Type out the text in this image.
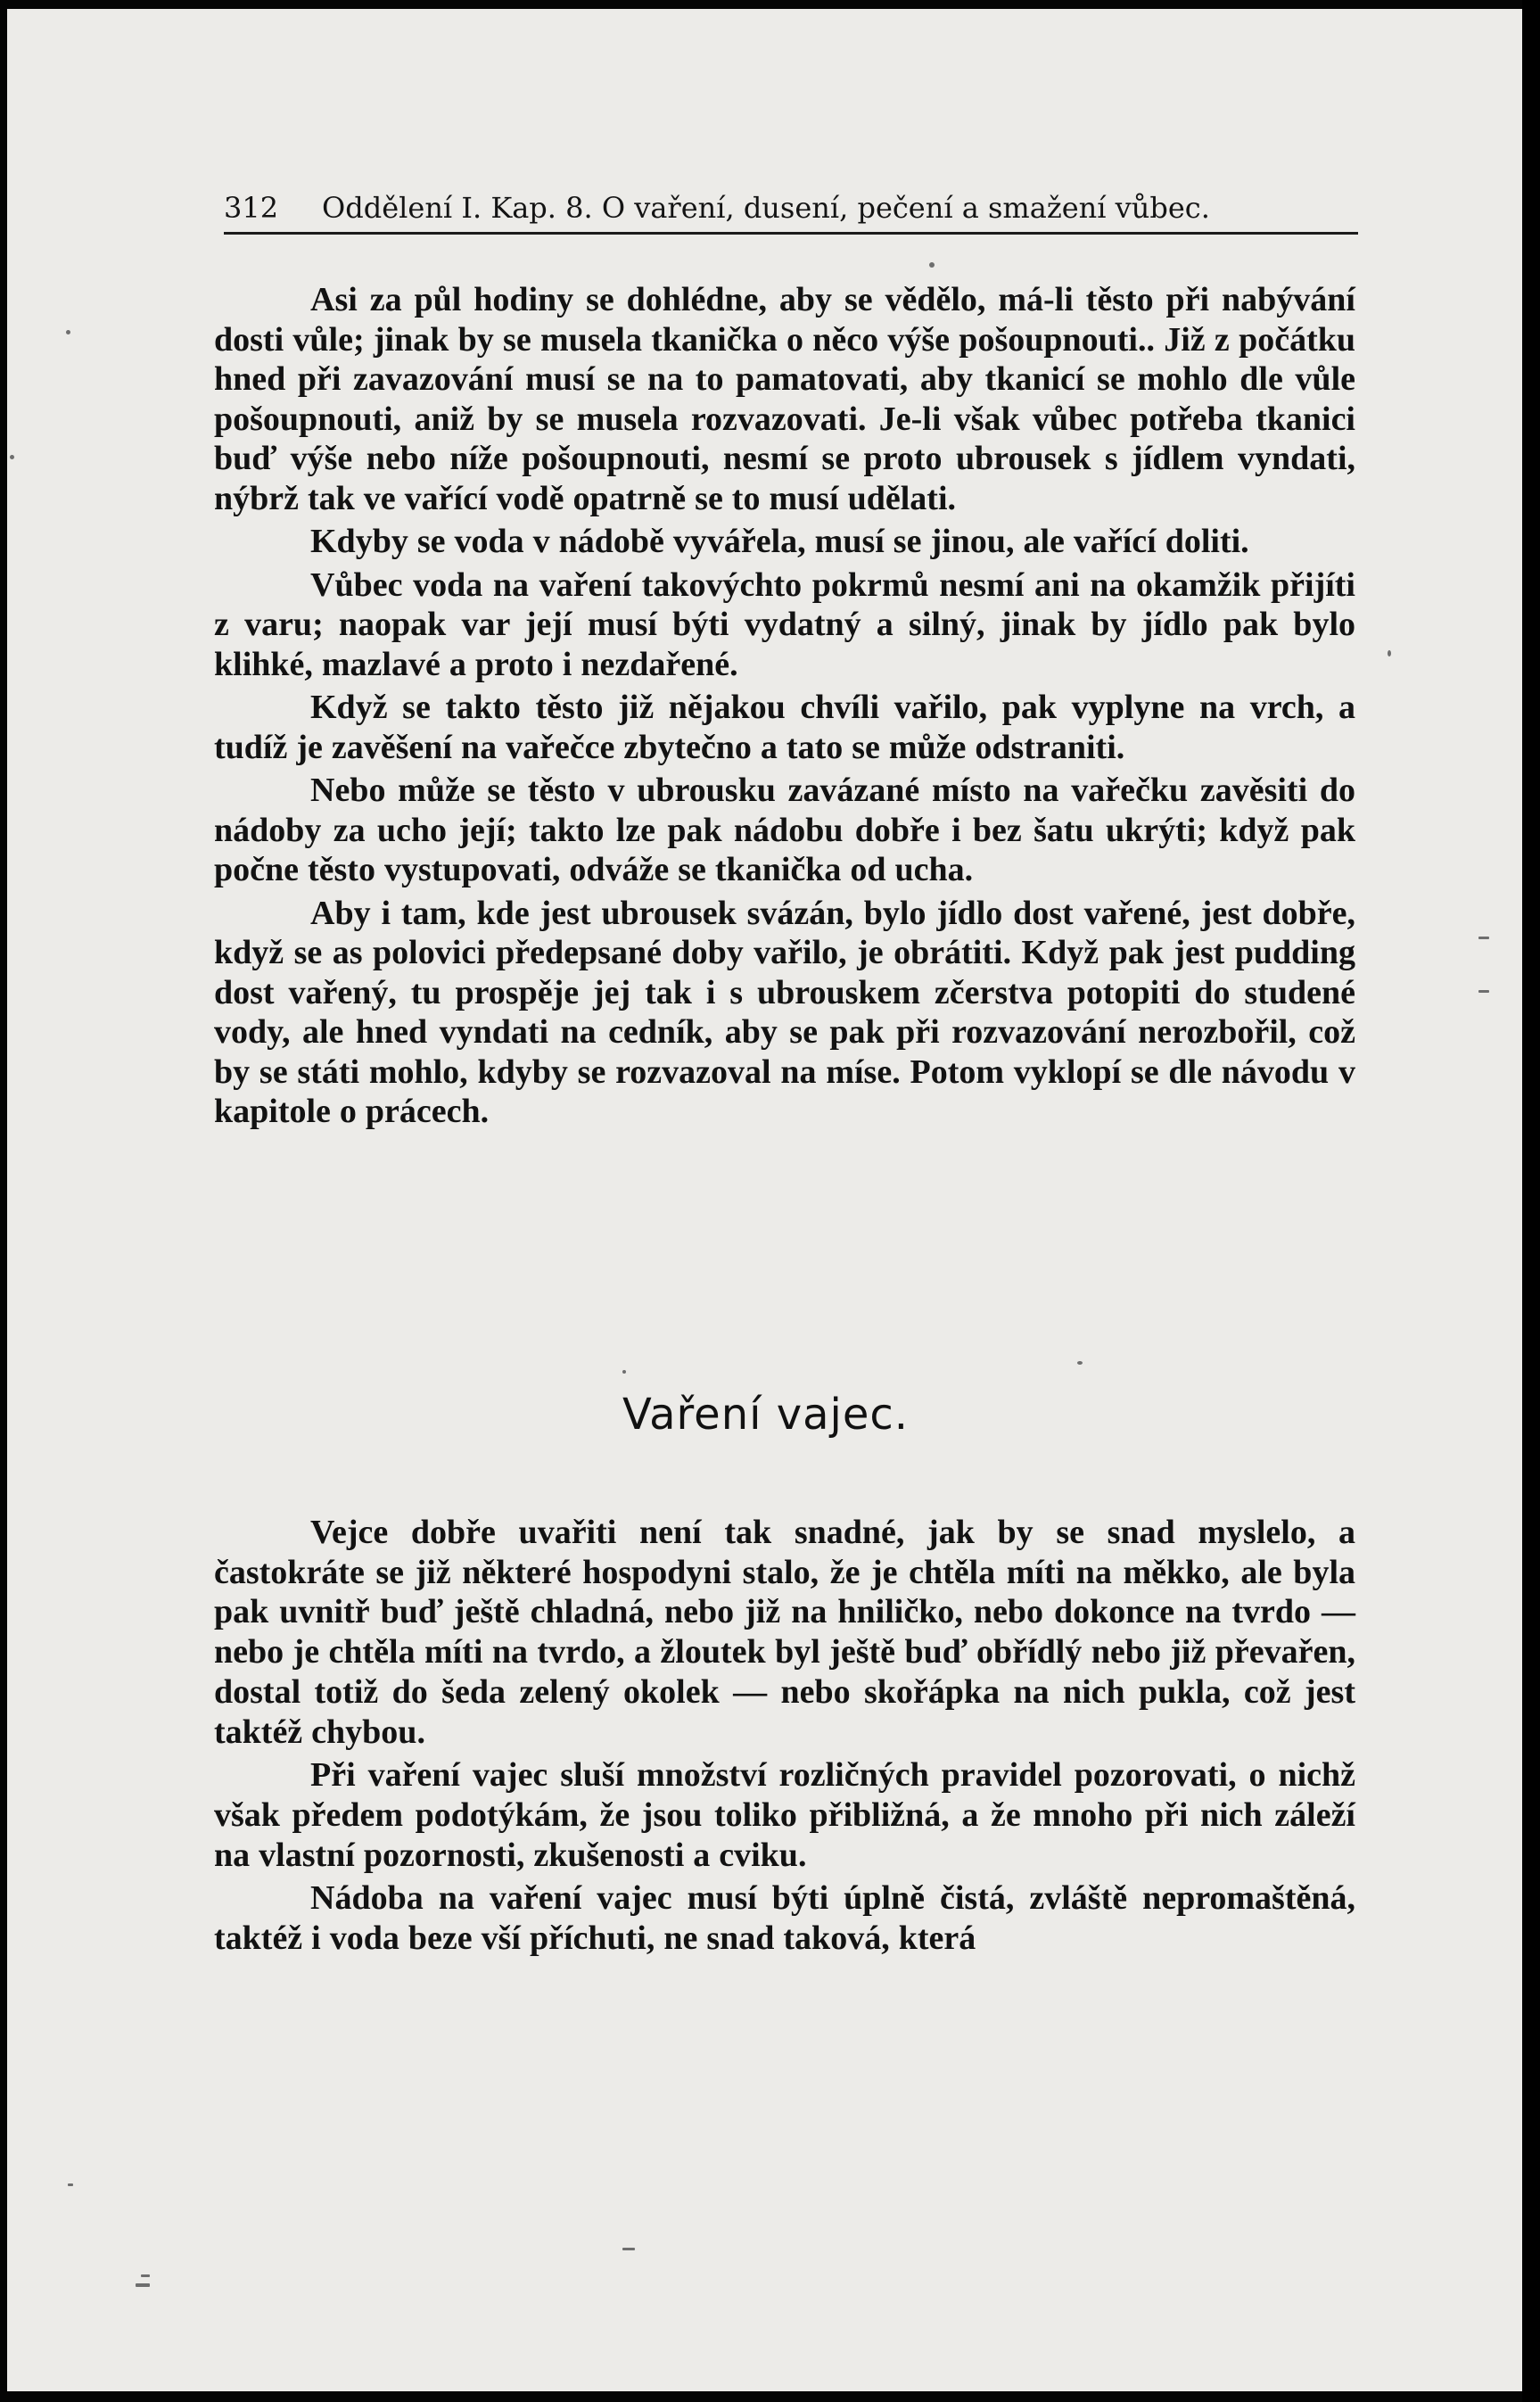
312 Oddělení I. Kap. 8. O vaření, dusení, pečení a smažení vůbec.

Asi za půl hodiny se dohlédne, aby se vědělo, má-li těsto při nabývání dosti vůle; jinak by se musela tkanička o něco výše pošoupnouti.. Již z počátku hned při zavazování musí se na to pamatovati, aby tkanicí se mohlo dle vůle pošoupnouti, aniž by se musela rozvazovati. Je-li však vůbec potřeba tkanici buď výše nebo níže pošoupnouti, nesmí se proto ubrousek s jídlem vyndati, nýbrž tak ve vařící vodě opatrně se to musí udělati.

Kdyby se voda v nádobě vyvářela, musí se jinou, ale vařící doliti.

Vůbec voda na vaření takovýchto pokrmů nesmí ani na okamžik přijíti z varu; naopak var její musí býti vydatný a silný, jinak by jídlo pak bylo klihké, mazlavé a proto i nezdařené.

Když se takto těsto již nějakou chvíli vařilo, pak vyplyne na vrch, a tudíž je zavěšení na vařečce zbytečno a tato se může odstraniti.

Nebo může se těsto v ubrousku zavázané místo na vařečku zavěsiti do nádoby za ucho její; takto lze pak nádobu dobře i bez šatu ukrýti; když pak počne těsto vystupovati, odváže se tkanička od ucha.

Aby i tam, kde jest ubrousek svázán, bylo jídlo dost vařené, jest dobře, když se as polovici předepsané doby vařilo, je obrátiti. Když pak jest pudding dost vařený, tu prospěje jej tak i s ubrouskem zčerstva potopiti do studené vody, ale hned vyndati na cedník, aby se pak při rozvazování nerozbořil, což by se státi mohlo, kdyby se rozvazoval na míse. Potom vyklopí se dle návodu v kapitole o prácech.

Vaření vajec.

Vejce dobře uvařiti není tak snadné, jak by se snad myslelo, a častokráte se již některé hospodyni stalo, že je chtěla míti na měkko, ale byla pak uvnitř buď ještě chladná, nebo již na hniličko, nebo dokonce na tvrdo — nebo je chtěla míti na tvrdo, a žloutek byl ještě buď obřídlý nebo již převařen, dostal totiž do šeda zelený okolek — nebo skořápka na nich pukla, což jest taktéž chybou.

Při vaření vajec sluší množství rozličných pravidel pozorovati, o nichž však předem podotýkám, že jsou toliko přibližná, a že mnoho při nich záleží na vlastní pozornosti, zkušenosti a cviku.

Nádoba na vaření vajec musí býti úplně čistá, zvláště nepromaštěná, taktéž i voda beze vší příchuti, ne snad taková, která
